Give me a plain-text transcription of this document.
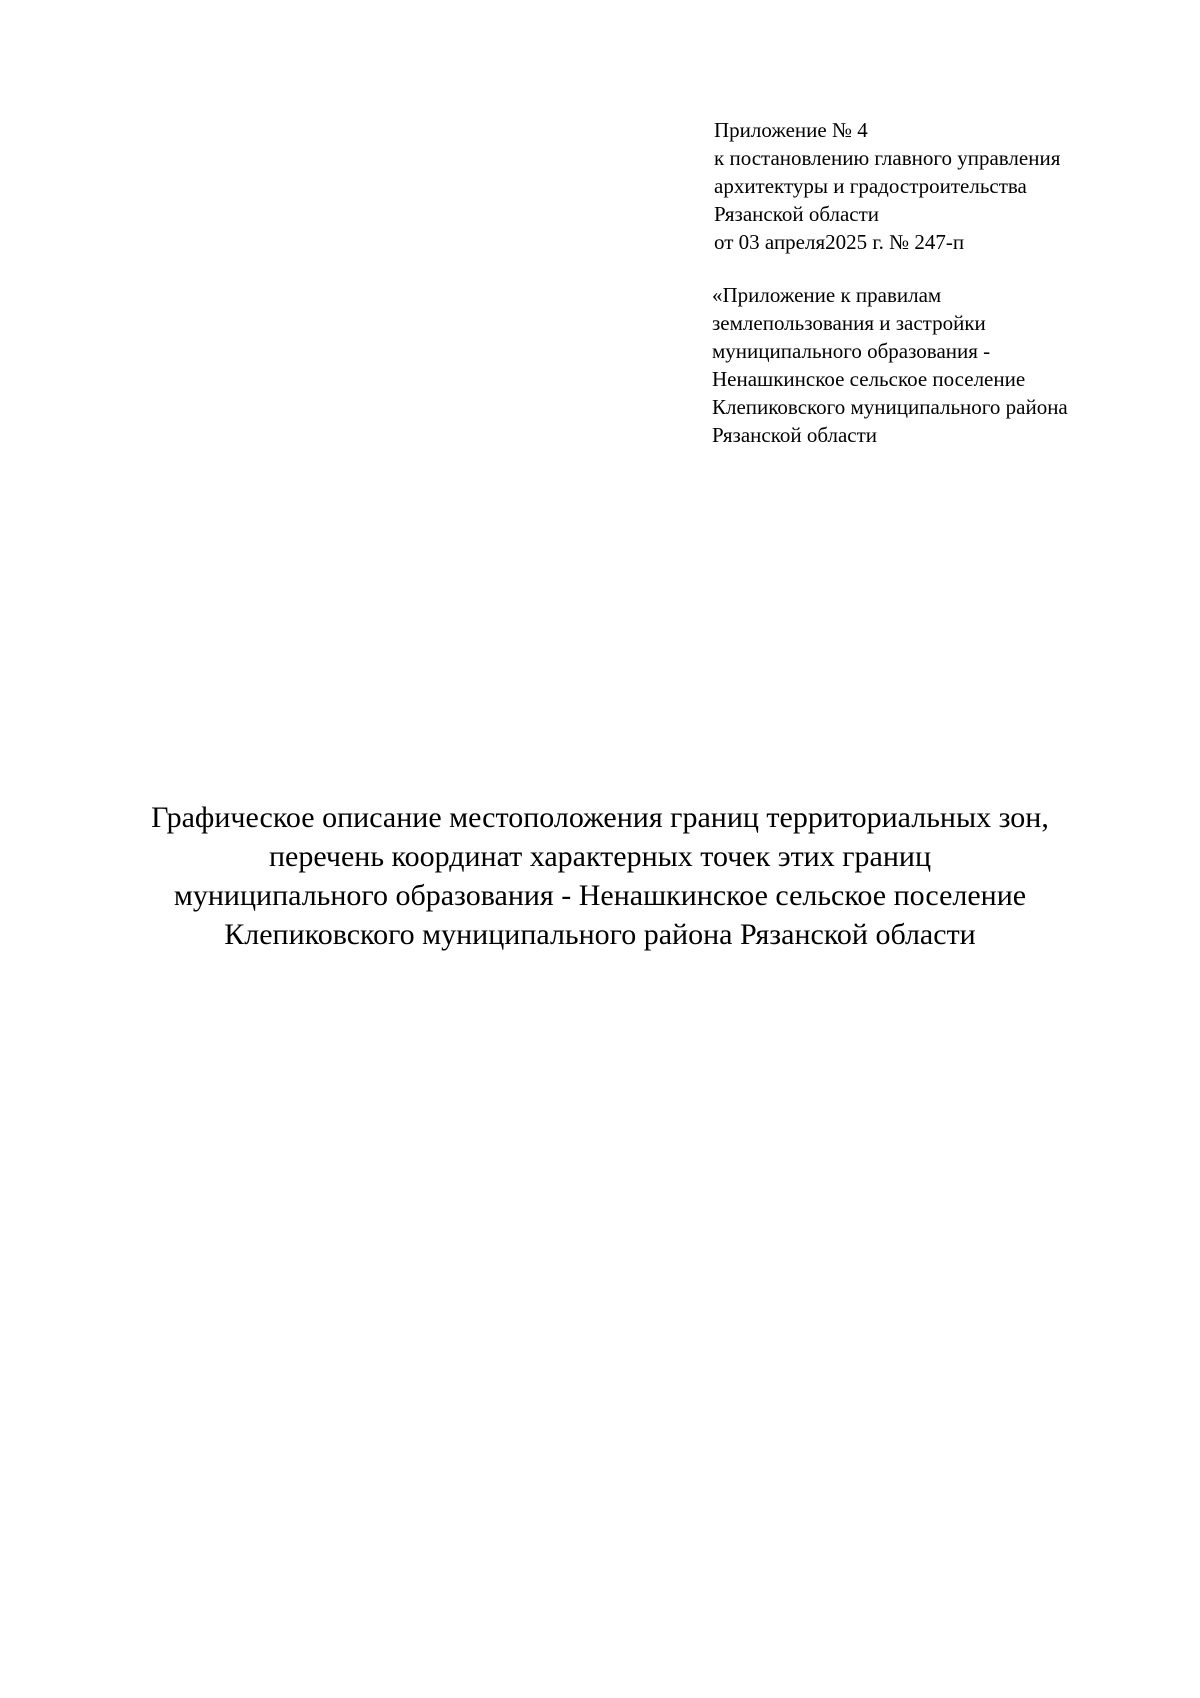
Приложение № 4
к постановлению главного управления
архитектуры и градостроительства
Рязанской области
от 03 апреля2025 г. № 247-п
«Приложение к правилам
землепользования и застройки
муниципального образования -
Ненашкинское сельское поселение
Клепиковского муниципального района
Рязанской области
Графическое описание местоположения границ территориальных зон,
перечень координат характерных точек этих границ
муниципального образования - Ненашкинское сельское поселение
Клепиковского муниципального района Рязанской области
